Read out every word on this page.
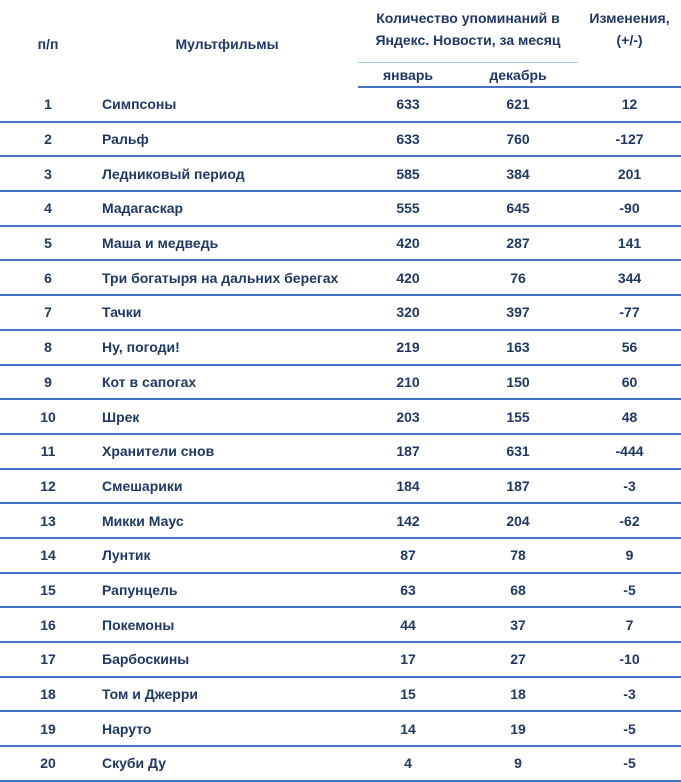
п/п	Мультфильмы	Количество упоминаний в Яндекс. Новости, за месяц		Изменения, (+/-)
		январь	декабрь	
1	Симпсоны	633	621	12
2	Ральф	633	760	-127
3	Ледниковый период	585	384	201
4	Мадагаскар	555	645	-90
5	Маша и медведь	420	287	141
6	Три богатыря на дальних берегах	420	76	344
7	Тачки	320	397	-77
8	Ну, погоди!	219	163	56
9	Кот в сапогах	210	150	60
10	Шрек	203	155	48
11	Хранители снов	187	631	-444
12	Смешарики	184	187	-3
13	Микки Маус	142	204	-62
14	Лунтик	87	78	9
15	Рапунцель	63	68	-5
16	Покемоны	44	37	7
17	Барбоскины	17	27	-10
18	Том и Джерри	15	18	-3
19	Наруто	14	19	-5
20	Скуби Ду	4	9	-5
